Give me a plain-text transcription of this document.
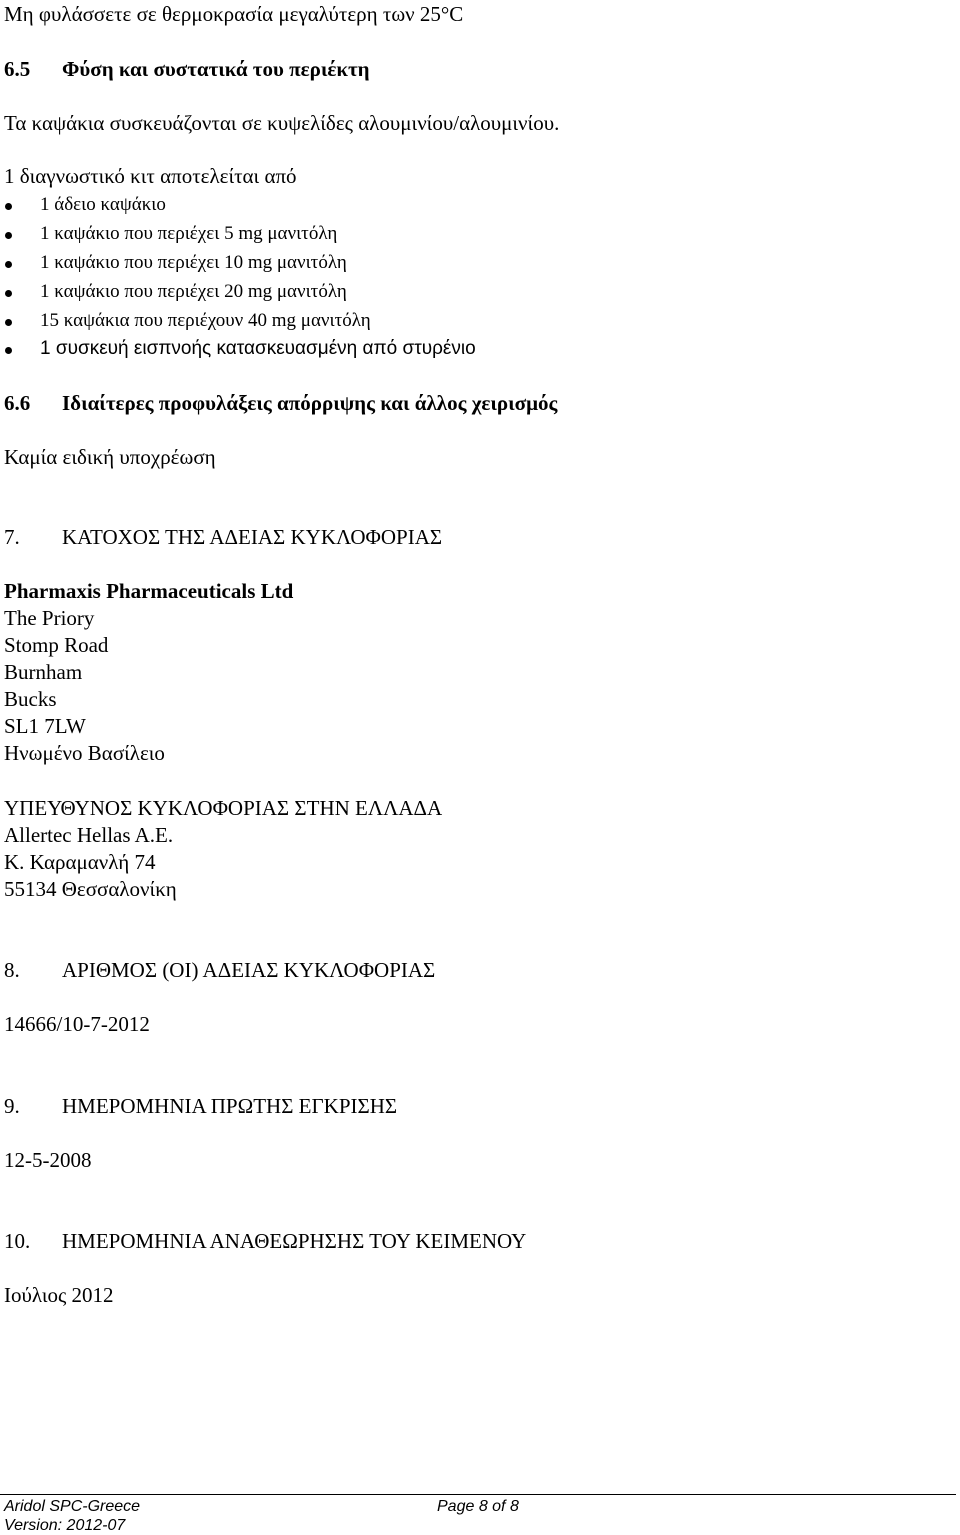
Μη φυλάσσετε σε θερμοκρασία μεγαλύτερη των 25°C
6.5 Φύση και συστατικά του περιέκτη
Τα καψάκια συσκευάζονται σε κυψελίδες αλουμινίου/αλουμινίου.
1 διαγνωστικό κιτ αποτελείται από
1 άδειο καψάκιο
1 καψάκιο που περιέχει 5 mg μανιτόλη
1 καψάκιο που περιέχει 10 mg μανιτόλη
1 καψάκιο που περιέχει 20 mg μανιτόλη
15 καψάκια που περιέχουν 40 mg μανιτόλη
1 συσκευή εισπνοής κατασκευασμένη από στυρένιο
6.6 Ιδιαίτερες προφυλάξεις απόρριψης και άλλος χειρισμός
Καμία ειδική υποχρέωση
7. ΚΑΤΟΧΟΣ ΤΗΣ ΑΔΕΙΑΣ ΚΥΚΛΟΦΟΡΙΑΣ
Pharmaxis Pharmaceuticals Ltd
The Priory
Stomp Road
Burnham
Bucks
SL1 7LW
Ηνωμένο Βασίλειο
ΥΠΕΥΘΥΝΟΣ ΚΥΚΛΟΦΟΡΙΑΣ ΣΤΗΝ ΕΛΛΑΔΑ
Allertec Hellas A.E.
Κ. Καραμανλή 74
55134 Θεσσαλονίκη
8. ΑΡΙΘΜΟΣ (ΟΙ) ΑΔΕΙΑΣ ΚΥΚΛΟΦΟΡΙΑΣ
14666/10-7-2012
9. ΗΜΕΡΟΜΗΝΙΑ ΠΡΩΤΗΣ ΕΓΚΡΙΣΗΣ
12-5-2008
10. ΗΜΕΡΟΜΗΝΙΑ ΑΝΑΘΕΩΡΗΣΗΣ ΤΟΥ ΚΕΙΜΕΝΟΥ
Ιούλιος 2012
Aridol SPC-Greece	Page 8 of 8
Version: 2012-07
